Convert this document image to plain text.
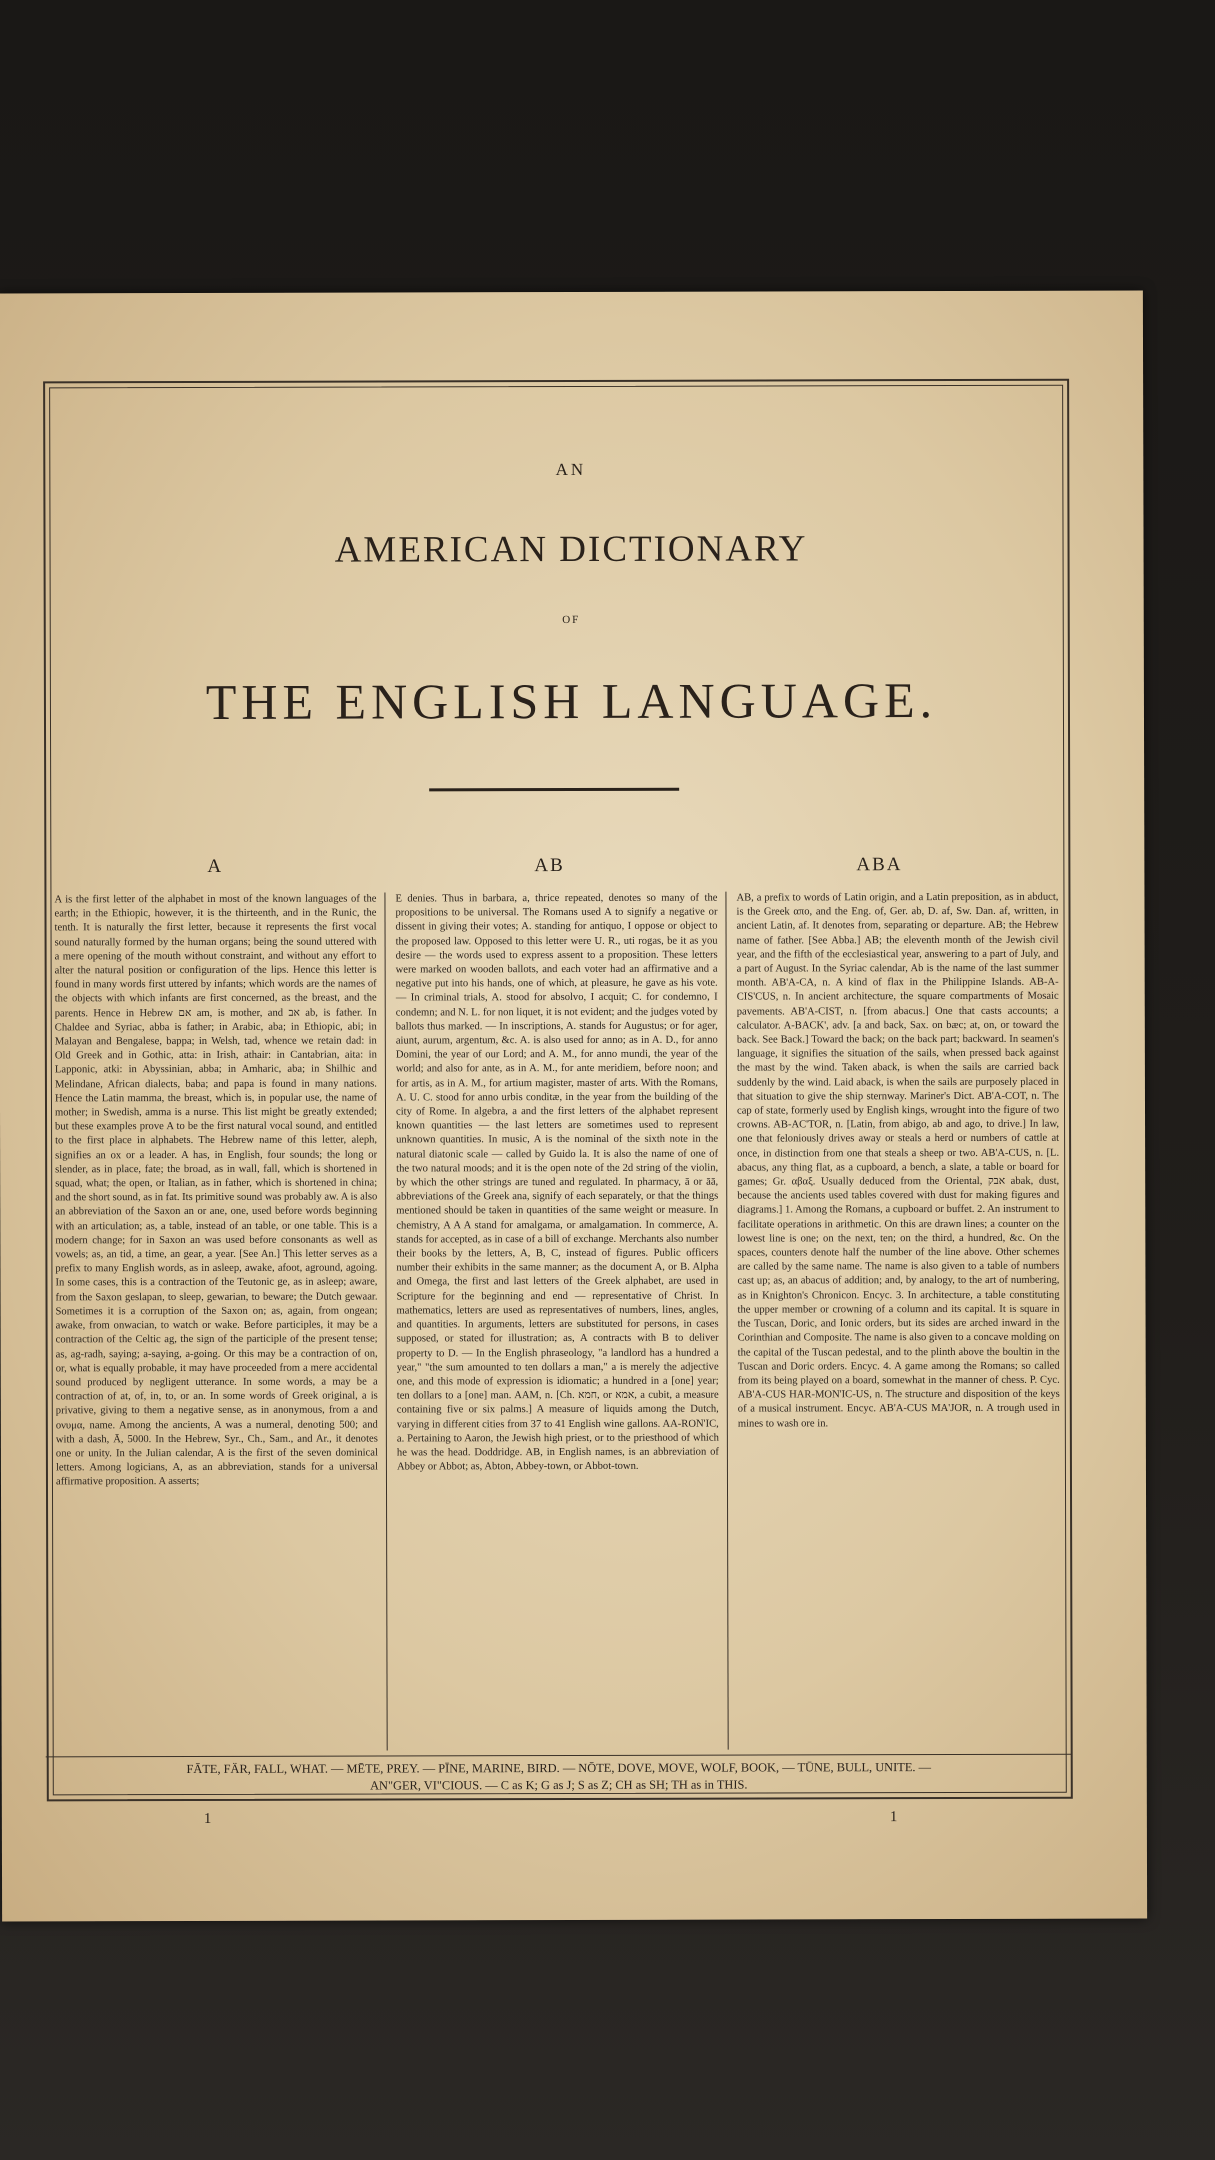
AN
AMERICAN DICTIONARY
OF
THE ENGLISH LANGUAGE.
A	AB	ABA

A is the first letter of the alphabet in most of the known languages of the earth; in the Ethiopic, however, it is the thirteenth, and in the Runic, the tenth. It is naturally the first letter, because it represents the first vocal sound naturally formed by the human organs; being the sound uttered with a mere opening of the mouth without constraint, and without any effort to alter the natural position or configuration of the lips. Hence this letter is found in many words first uttered by infants; which words are the names of the objects with which infants are first concerned, as the breast, and the parents. Hence in Hebrew אם am, is mother, and אב ab, is father. In Chaldee and Syriac, abba is father; in Arabic, aba; in Ethiopic, abi; in Malayan and Bengalese, bappa; in Welsh, tad, whence we retain dad: in Old Greek and in Gothic, atta: in Irish, athair: in Cantabrian, aita: in Lapponic, atki: in Abyssinian, abba; in Amharic, aba; in Shilhic and Melindane, African dialects, baba; and papa is found in many nations. Hence the Latin mamma, the breast, which is, in popular use, the name of mother; in Swedish, amma is a nurse. This list might be greatly extended; but these examples prove A to be the first natural vocal sound, and entitled to the first place in alphabets. The Hebrew name of this letter, aleph, signifies an ox or a leader. A has, in English, four sounds; the long or slender, as in place, fate; the broad, as in wall, fall, which is shortened in squad, what; the open, or Italian, as in father, which is shortened in china; and the short sound, as in fat. Its primitive sound was probably aw. A is also an abbreviation of the Saxon an or ane, one, used before words beginning with an articulation; as, a table, instead of an table, or one table. This is a modern change; for in Saxon an was used before consonants as well as vowels; as, an tid, a time, an gear, a year. [See An.] This letter serves as a prefix to many English words, as in asleep, awake, afoot, aground, agoing. In some cases, this is a contraction of the Teutonic ge, as in asleep; aware, from the Saxon geslapan, to sleep, gewarian, to beware; the Dutch gewaar. Sometimes it is a corruption of the Saxon on; as, again, from ongean; awake, from onwacian, to watch or wake. Before participles, it may be a contraction of the Celtic ag, the sign of the participle of the present tense; as, ag-radh, saying; a-saying, a-going. Or this may be a contraction of on, or, what is equally probable, it may have proceeded from a mere accidental sound produced by negligent utterance. In some words, a may be a contraction of at, of, in, to, or an. In some words of Greek original, a is privative, giving to them a negative sense, as in anonymous, from a and ονυμα, name. Among the ancients, A was a numeral, denoting 500; and with a dash, Ā, 5000. In the Hebrew, Syr., Ch., Sam., and Ar., it denotes one or unity. In the Julian calendar, A is the first of the seven dominical letters. Among logicians, A, as an abbreviation, stands for a universal affirmative proposition. A asserts;

E denies. Thus in barbara, a, thrice repeated, denotes so many of the propositions to be universal. The Romans used A to signify a negative or dissent in giving their votes; A. standing for antiquo, I oppose or object to the proposed law. Opposed to this letter were U. R., uti rogas, be it as you desire — the words used to express assent to a proposition. These letters were marked on wooden ballots, and each voter had an affirmative and a negative put into his hands, one of which, at pleasure, he gave as his vote. — In criminal trials, A. stood for absolvo, I acquit; C. for condemno, I condemn; and N. L. for non liquet, it is not evident; and the judges voted by ballots thus marked. — In inscriptions, A. stands for Augustus; or for ager, aiunt, aurum, argentum, &c. A. is also used for anno; as in A. D., for anno Domini, the year of our Lord; and A. M., for anno mundi, the year of the world; and also for ante, as in A. M., for ante meridiem, before noon; and for artis, as in A. M., for artium magister, master of arts. With the Romans, A. U. C. stood for anno urbis conditæ, in the year from the building of the city of Rome. In algebra, a and the first letters of the alphabet represent known quantities — the last letters are sometimes used to represent unknown quantities. In music, A is the nominal of the sixth note in the natural diatonic scale — called by Guido la. It is also the name of one of the two natural moods; and it is the open note of the 2d string of the violin, by which the other strings are tuned and regulated. In pharmacy, ā or āā, abbreviations of the Greek ana, signify of each separately, or that the things mentioned should be taken in quantities of the same weight or measure. In chemistry, A A A stand for amalgama, or amalgamation. In commerce, A. stands for accepted, as in case of a bill of exchange. Merchants also number their books by the letters, A, B, C, instead of figures. Public officers number their exhibits in the same manner; as the document A, or B. Alpha and Omega, the first and last letters of the Greek alphabet, are used in Scripture for the beginning and end — representative of Christ. In mathematics, letters are used as representatives of numbers, lines, angles, and quantities. In arguments, letters are substituted for persons, in cases supposed, or stated for illustration; as, A contracts with B to deliver property to D. — In the English phraseology, "a landlord has a hundred a year," "the sum amounted to ten dollars a man," a is merely the adjective one, and this mode of expression is idiomatic; a hundred in a [one] year; ten dollars to a [one] man. AAM, n. [Ch. חמא, or אמא, a cubit, a measure containing five or six palms.] A measure of liquids among the Dutch, varying in different cities from 37 to 41 English wine gallons. AA-RON'IC, a. Pertaining to Aaron, the Jewish high priest, or to the priesthood of which he was the head. Doddridge. AB, in English names, is an abbreviation of Abbey or Abbot; as, Abton, Abbey-town, or Abbot-town.

AB, a prefix to words of Latin origin, and a Latin preposition, as in abduct, is the Greek απο, and the Eng. of, Ger. ab, D. af, Sw. Dan. af, written, in ancient Latin, af. It denotes from, separating or departure. AB; the Hebrew name of father. [See Abba.] AB; the eleventh month of the Jewish civil year, and the fifth of the ecclesiastical year, answering to a part of July, and a part of August. In the Syriac calendar, Ab is the name of the last summer month. AB'A-CA, n. A kind of flax in the Philippine Islands. AB-A-CIS'CUS, n. In ancient architecture, the square compartments of Mosaic pavements. AB'A-CIST, n. [from abacus.] One that casts accounts; a calculator. A-BACK', adv. [a and back, Sax. on bæc; at, on, or toward the back. See Back.] Toward the back; on the back part; backward. In seamen's language, it signifies the situation of the sails, when pressed back against the mast by the wind. Taken aback, is when the sails are carried back suddenly by the wind. Laid aback, is when the sails are purposely placed in that situation to give the ship sternway. Mariner's Dict. AB'A-COT, n. The cap of state, formerly used by English kings, wrought into the figure of two crowns. AB-AC'TOR, n. [Latin, from abigo, ab and ago, to drive.] In law, one that feloniously drives away or steals a herd or numbers of cattle at once, in distinction from one that steals a sheep or two. AB'A-CUS, n. [L. abacus, any thing flat, as a cupboard, a bench, a slate, a table or board for games; Gr. αβαξ. Usually deduced from the Oriental, אבק abak, dust, because the ancients used tables covered with dust for making figures and diagrams.] 1. Among the Romans, a cupboard or buffet. 2. An instrument to facilitate operations in arithmetic. On this are drawn lines; a counter on the lowest line is one; on the next, ten; on the third, a hundred, &c. On the spaces, counters denote half the number of the line above. Other schemes are called by the same name. The name is also given to a table of numbers cast up; as, an abacus of addition; and, by analogy, to the art of numbering, as in Knighton's Chronicon. Encyc. 3. In architecture, a table constituting the upper member or crowning of a column and its capital. It is square in the Tuscan, Doric, and Ionic orders, but its sides are arched inward in the Corinthian and Composite. The name is also given to a concave molding on the capital of the Tuscan pedestal, and to the plinth above the boultin in the Tuscan and Doric orders. Encyc. 4. A game among the Romans; so called from its being played on a board, somewhat in the manner of chess. P. Cyc. AB'A-CUS HAR-MON'IC-US, n. The structure and disposition of the keys of a musical instrument. Encyc. AB'A-CUS MA'JOR, n. A trough used in mines to wash ore in.

FĀTE, FÄR, FALL, WHAT. — MĒTE, PREY. — PĪNE, MARINE, BIRD. — NŌTE, DOVE, MOVE, WOLF, BOOK, — TŪNE, BULL, UNITE. —
AN"GER, VI"CIOUS. — C as K; G as J; S as Z; CH as SH; TH as in THIS.
1	1
